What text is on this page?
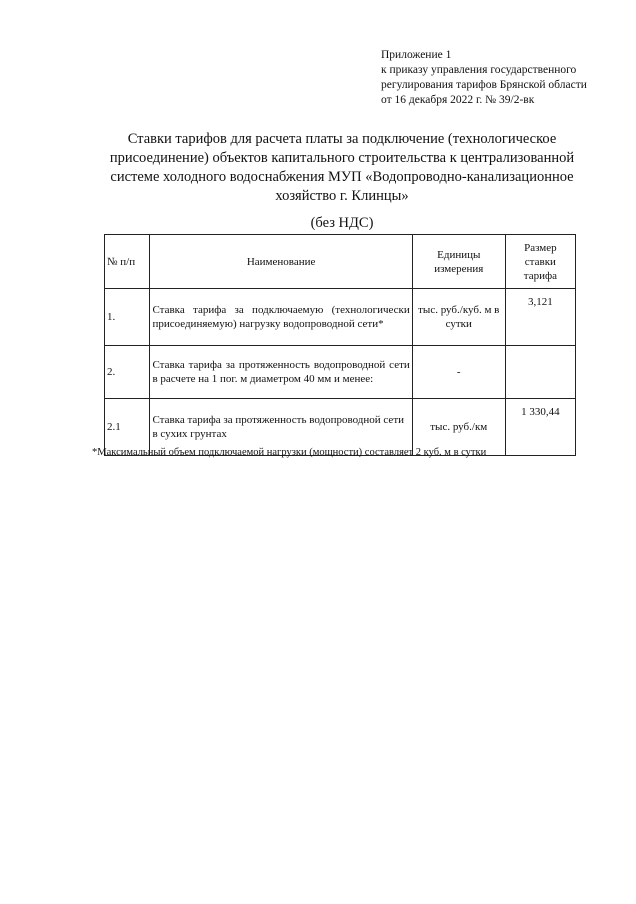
Приложение 1
к приказу управления государственного
регулирования тарифов Брянской области
от 16 декабря 2022 г. № 39/2-вк
Ставки тарифов для расчета платы за подключение (технологическое
присоединение) объектов капитального строительства к централизованной
системе холодного водоснабжения МУП «Водопроводно-канализационное
хозяйство г. Клинцы»
(без НДС)
№ п/п	Наименование	Единицы измерения	Размер ставки тарифа
1.	Ставка тарифа за подключаемую (технологически присоединяемую) нагрузку водопроводной сети*	тыс. руб./куб. м в сутки	3,121
2.	Ставка тарифа за протяженность водопроводной сети в расчете на 1 пог. м диаметром 40 мм и менее:	-	
2.1	Ставка тарифа за протяженность водопроводной сети в сухих грунтах	тыс. руб./км	1 330,44
*Максимальный объем подключаемой нагрузки (мощности) составляет 2 куб. м в сутки
